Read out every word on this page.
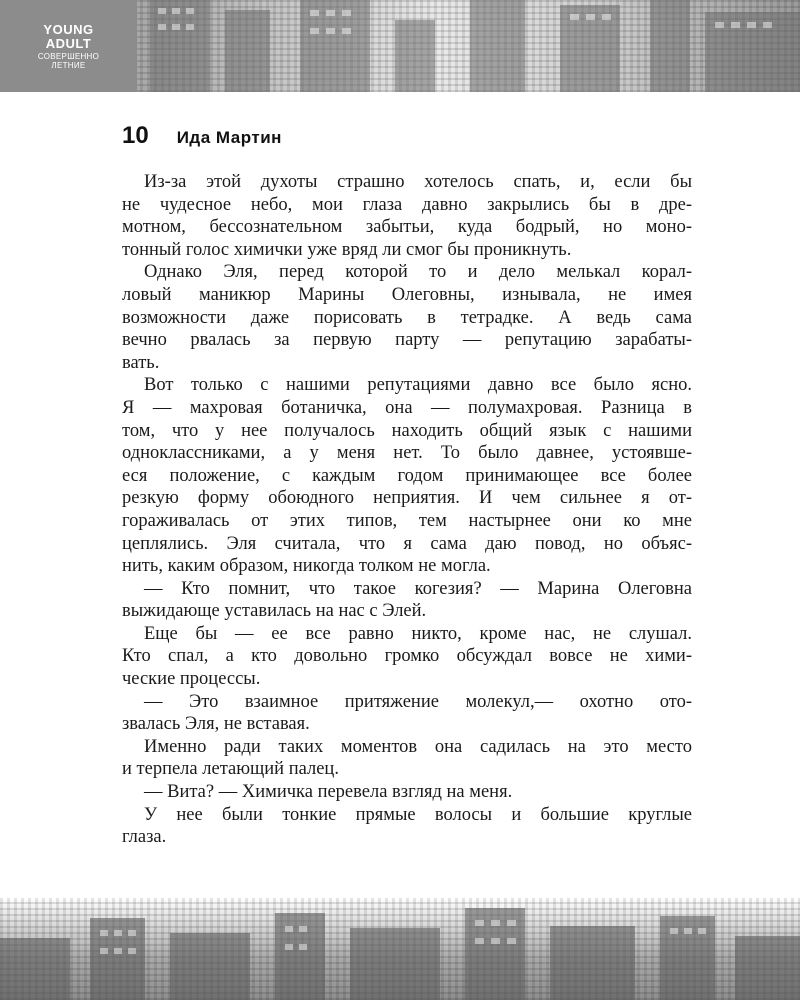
YOUNG
ADULT
СОВЕРШЕННО
ЛЕТНИЕ
10 Ида Мартин

Из-за этой духоты страшно хотелось спать, и, если бы
не чудесное небо, мои глаза давно закрылись бы в дре-
мотном, бессознательном забытьи, куда бодрый, но моно-
тонный голос химички уже вряд ли смог бы проникнуть.

Однако Эля, перед которой то и дело мелькал корал-
ловый маникюр Марины Олеговны, изнывала, не имея
возможности даже порисовать в тетрадке. А ведь сама
вечно рвалась за первую парту — репутацию зарабаты-
вать.

Вот только с нашими репутациями давно все было ясно.
Я — махровая ботаничка, она — полумахровая. Разница в
том, что у нее получалось находить общий язык с нашими
одноклассниками, а у меня нет. То было давнее, устоявше-
еся положение, с каждым годом принимающее все более
резкую форму обоюдного неприятия. И чем сильнее я от-
гораживалась от этих типов, тем настырнее они ко мне
цеплялись. Эля считала, что я сама даю повод, но объяс-
нить, каким образом, никогда толком не могла.

— Кто помнит, что такое когезия? — Марина Олеговна
выжидающе уставилась на нас с Элей.

Еще бы — ее все равно никто, кроме нас, не слушал.
Кто спал, а кто довольно громко обсуждал вовсе не хими-
ческие процессы.

— Это взаимное притяжение молекул,— охотно ото-
звалась Эля, не вставая.

Именно ради таких моментов она садилась на это место
и терпела летающий палец.

— Вита? — Химичка перевела взгляд на меня.

У нее были тонкие прямые волосы и большие круглые
глаза.
